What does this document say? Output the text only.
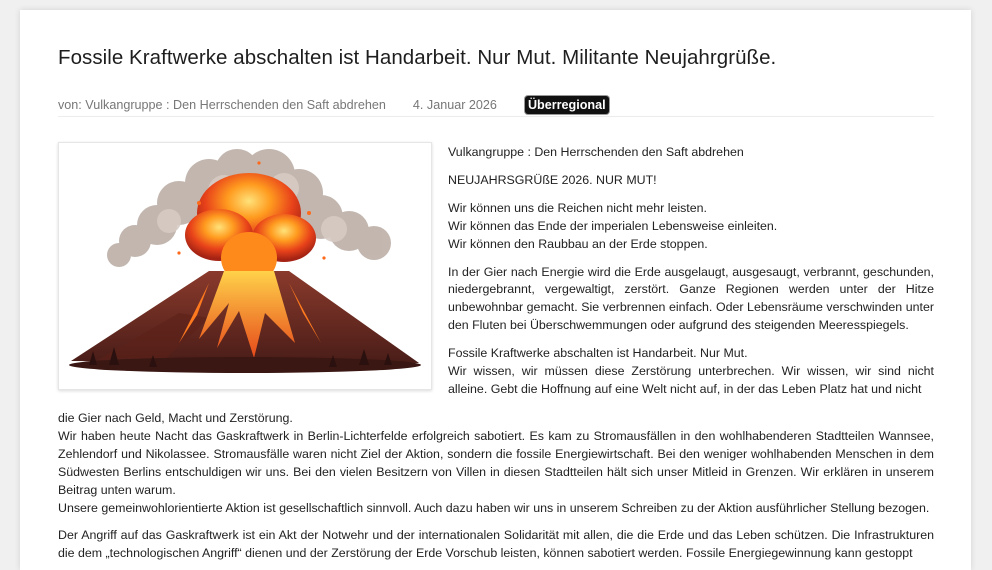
Fossile Kraftwerke abschalten ist Handarbeit. Nur Mut. Militante Neujahrgrüße.
von: Vulkangruppe : Den Herrschenden den Saft abdrehen 4. Januar 2026 Überregional

Vulkangruppe : Den Herrschenden den Saft abdrehen

NEUJAHRSGRÜßE 2026. NUR MUT!

Wir können uns die Reichen nicht mehr leisten.
Wir können das Ende der imperialen Lebensweise einleiten.
Wir können den Raubbau an der Erde stoppen.

In der Gier nach Energie wird die Erde ausgelaugt, ausgesaugt, verbrannt, geschunden, niedergebrannt, vergewaltigt, zerstört. Ganze Regionen werden unter der Hitze unbewohnbar gemacht. Sie verbrennen einfach. Oder Lebensräume verschwinden unter den Fluten bei Überschwemmungen oder aufgrund des steigenden Meeresspiegels.

Fossile Kraftwerke abschalten ist Handarbeit. Nur Mut.
Wir wissen, wir müssen diese Zerstörung unterbrechen. Wir wissen, wir sind nicht alleine. Gebt die Hoffnung auf eine Welt nicht auf, in der das Leben Platz hat und nicht

die Gier nach Geld, Macht und Zerstörung.

Wir haben heute Nacht das Gaskraftwerk in Berlin-Lichterfelde erfolgreich sabotiert. Es kam zu Stromausfällen in den wohlhabenderen Stadtteilen Wannsee, Zehlendorf und Nikolassee. Stromausfälle waren nicht Ziel der Aktion, sondern die fossile Energiewirtschaft. Bei den weniger wohlhabenden Menschen in dem Südwesten Berlins entschuldigen wir uns. Bei den vielen Besitzern von Villen in diesen Stadtteilen hält sich unser Mitleid in Grenzen. Wir erklären in unserem Beitrag unten warum.

Unsere gemeinwohlorientierte Aktion ist gesellschaftlich sinnvoll. Auch dazu haben wir uns in unserem Schreiben zu der Aktion ausführlicher Stellung bezogen.

Der Angriff auf das Gaskraftwerk ist ein Akt der Notwehr und der internationalen Solidarität mit allen, die die Erde und das Leben schützen. Die Infrastrukturen die dem „technologischen Angriff“ dienen und der Zerstörung der Erde Vorschub leisten, können sabotiert werden. Fossile Energiegewinnung kann gestoppt
